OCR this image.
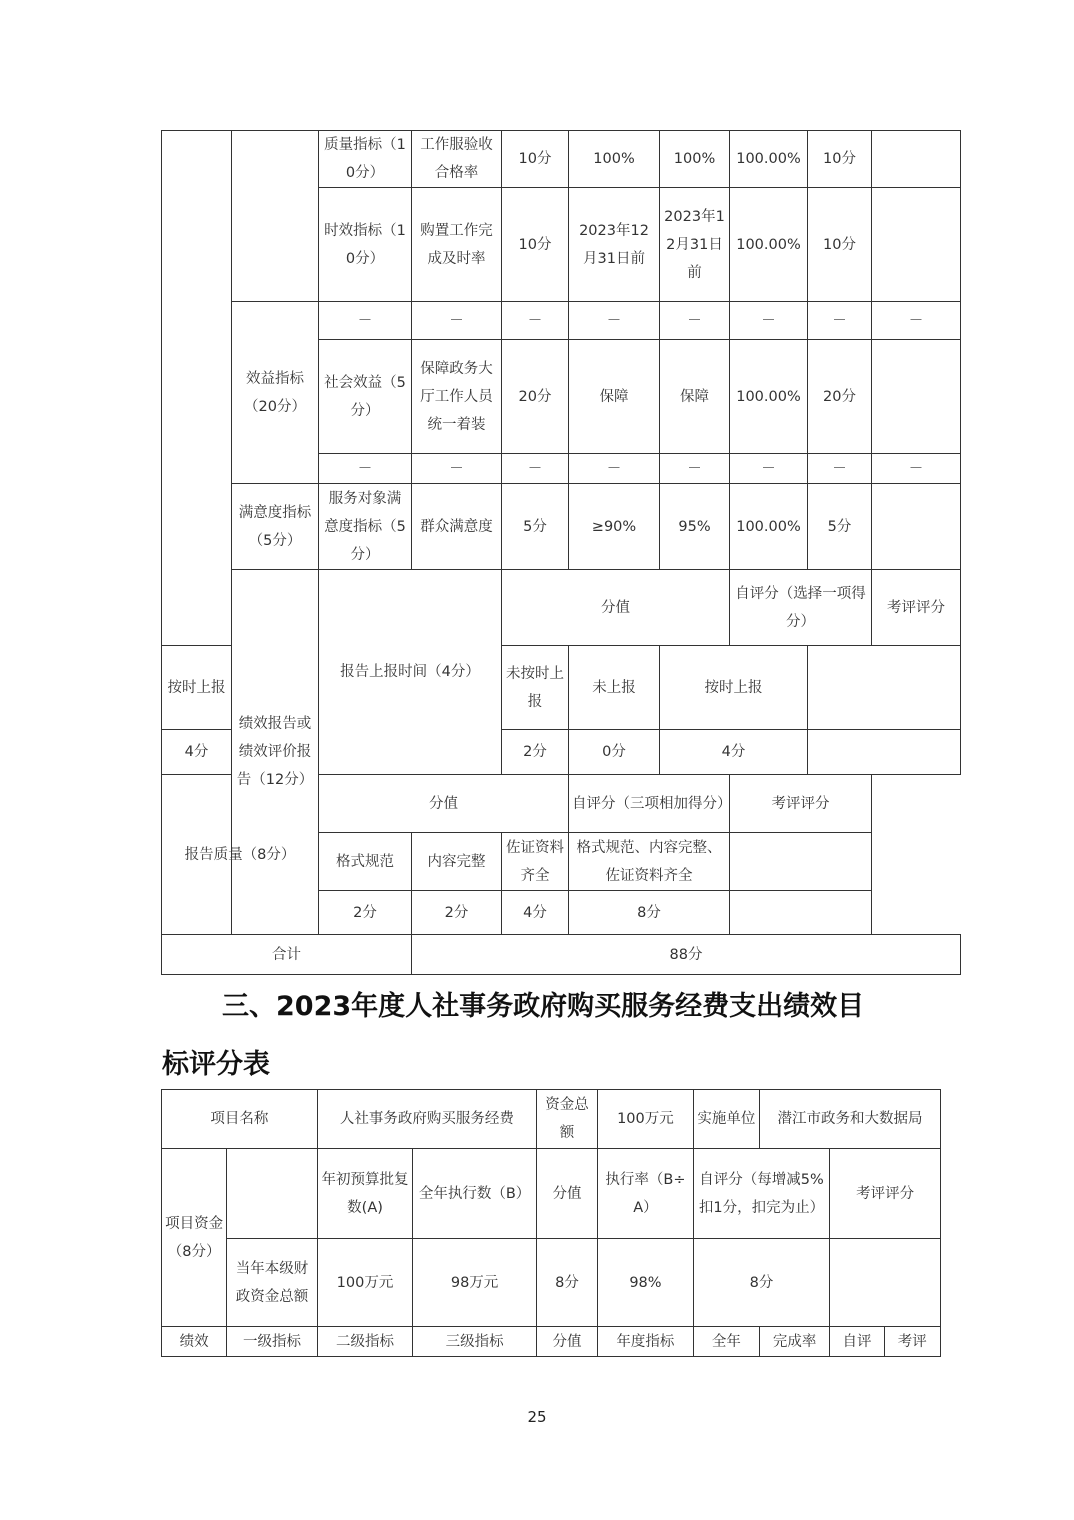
		质量指标（10分）	工作服验收合格率	10分	100%	100%	100.00%	10分		
		时效指标（10分）	购置工作完成及时率	10分	2023年12月31日前	2023年12月31日前	100.00%	10分		
	效益指标（20分）	－	－	－	－	－	－	－	－	
		社会效益（5分）	保障政务大厅工作人员统一着装	20分	保障	保障	100.00%	20分		
		－	－	－	－	－	－	－	－	
	满意度指标（5分）	服务对象满意度指标（5分）	群众满意度	5分	≥90%	95%	100.00%	5分		
	绩效报告或绩效评价报告（12分）	报告上报时间（4分）		分值			自评分（选择一项得分）		考评评分	
按时上报				未按时上报	未上报	按时上报				
4分				2分	0分	4分				
报告质量（8分）		分值			自评分（三项相加得分）		考评评分			
		格式规范	内容完整	佐证资料齐全	格式规范、内容完整、佐证资料齐全					
		2分	2分	4分	8分					
合计			88分							
三、2023年度人社事务政府购买服务经费支出绩效目
标评分表
项目名称		人社事务政府购买服务经费		资金总额	100万元	实施单位	潜江市政务和大数据局		
项目资金（8分）		年初预算批复数(A)	全年执行数（B）	分值	执行率（B÷A）	自评分（每增减5%扣1分，扣完为止）		考评评分	
	当年本级财政资金总额	100万元	98万元	8分	98%	8分			
绩效	一级指标	二级指标	三级指标	分值	年度指标	全年	完成率	自评	考评
25
